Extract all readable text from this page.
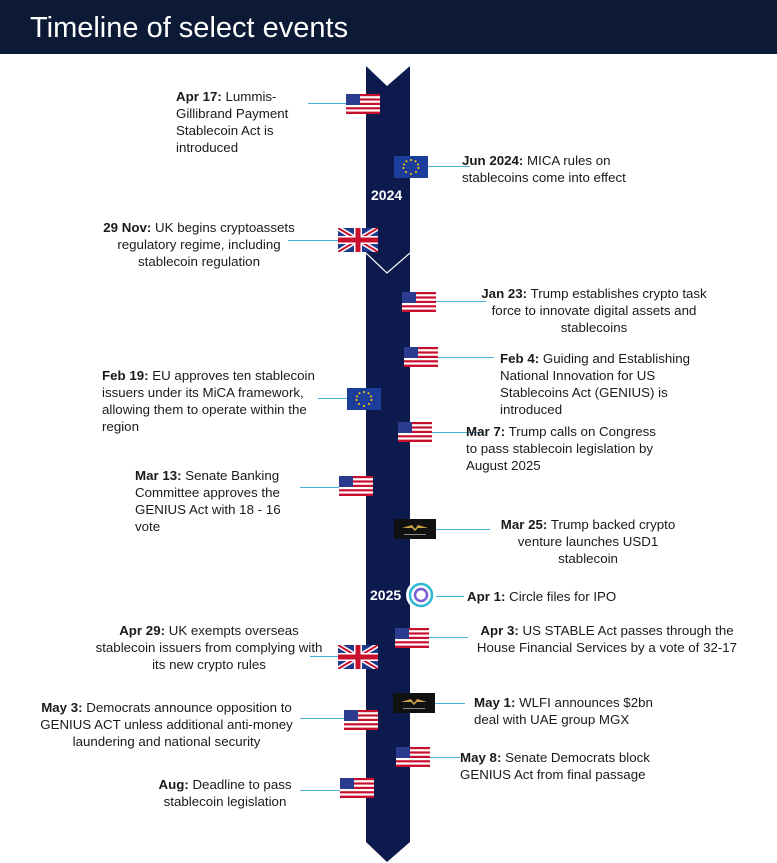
Timeline of select events
2024
2025
Apr 17: Lummis-Gillibrand Payment Stablecoin Act is introduced
Jun 2024: MICA rules on stablecoins come into effect
29 Nov: UK begins cryptoassets regulatory regime, including stablecoin regulation
Jan 23: Trump establishes crypto task force to innovate digital assets and stablecoins
Feb 4: Guiding and Establishing National Innovation for US Stablecoins Act (GENIUS) is introduced
Feb 19: EU approves ten stablecoin issuers under its MiCA framework, allowing them to operate within the region	Mar 7: Trump calls on Congress to pass stablecoin legislation by August 2025
Mar 13: Senate Banking Committee approves the GENIUS Act with 18 - 16 vote	Mar 25: Trump backed crypto venture launches USD1 stablecoin
Apr 1: Circle files for IPO
Apr 29: UK exempts overseas stablecoin issuers from complying with its new crypto rules
Apr 3: US STABLE Act passes through the House Financial Services by a vote of 32-17
May 3: Democrats announce opposition to GENIUS ACT unless additional anti-money laundering and national security
May 1: WLFI announces $2bn deal with UAE group MGX
May 8: Senate Democrats block GENIUS Act from final passage
Aug: Deadline to pass stablecoin legislation
